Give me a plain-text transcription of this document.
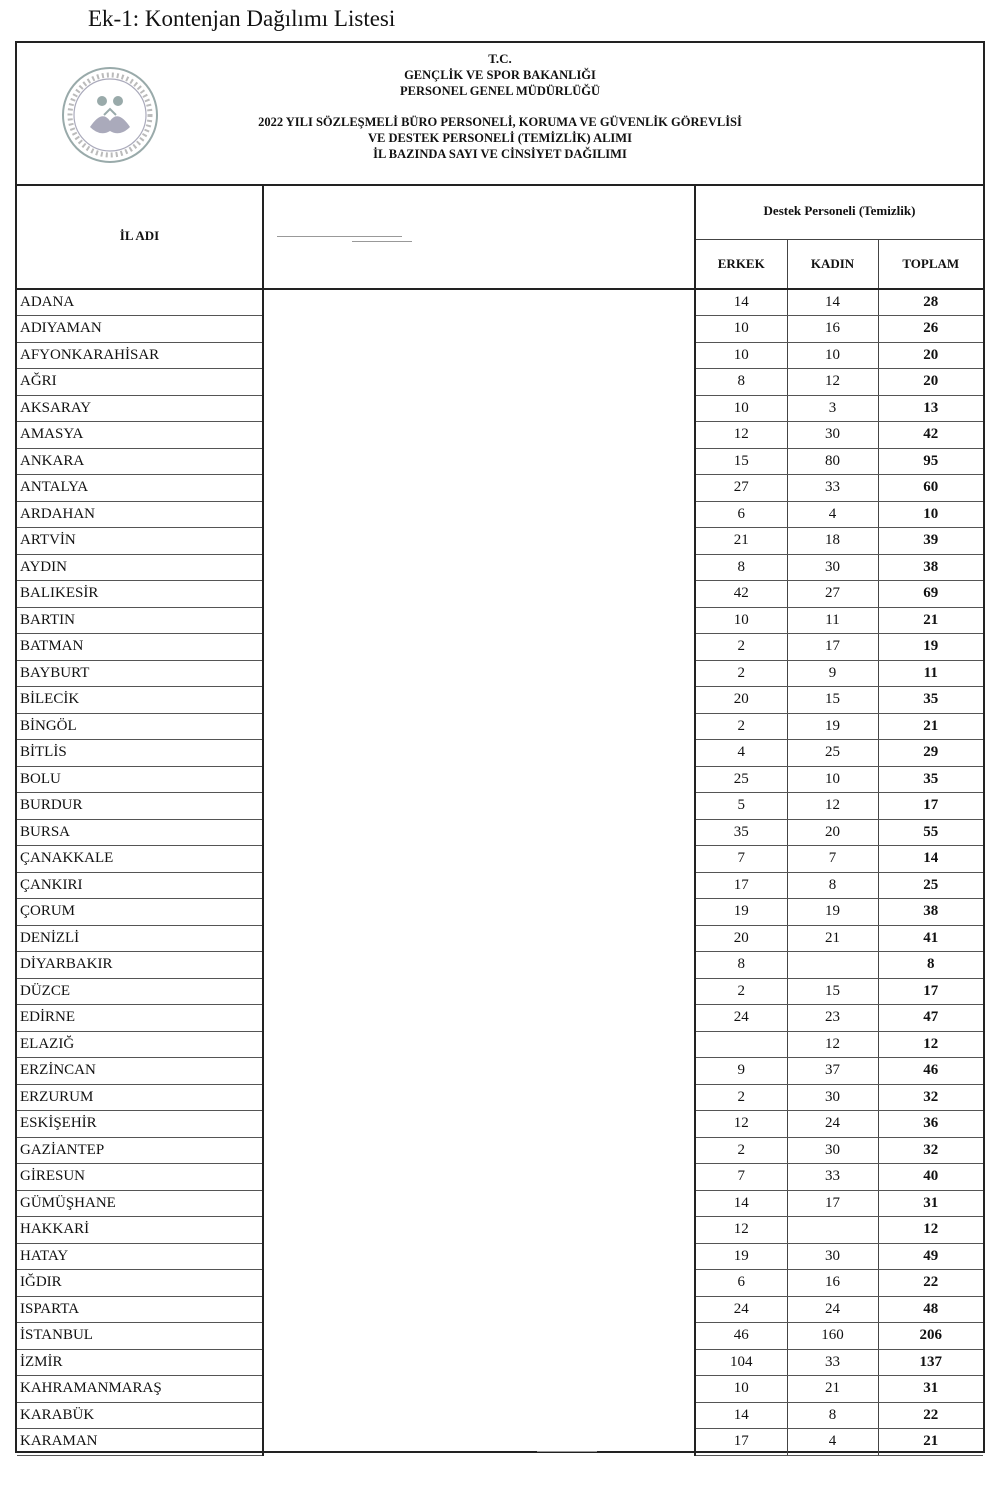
Ek-1: Kontenjan Dağılımı Listesi
T.C.
GENÇLİK VE SPOR BAKANLIĞI
PERSONEL GENEL MÜDÜRLÜĞÜ
2022 YILI SÖZLEŞMELİ BÜRO PERSONELİ, KORUMA VE GÜVENLİK GÖREVLİSİ
VE DESTEK PERSONELİ (TEMİZLİK) ALIMI
İL BAZINDA SAYI VE CİNSİYET DAĞILIMI
İL ADI		Destek Personeli (Temizlik)		
		ERKEK	KADIN	TOPLAM
ADANA		14	14	28
ADIYAMAN		10	16	26
AFYONKARAHİSAR		10	10	20
AĞRI		8	12	20
AKSARAY		10	3	13
AMASYA		12	30	42
ANKARA		15	80	95
ANTALYA		27	33	60
ARDAHAN		6	4	10
ARTVİN		21	18	39
AYDIN		8	30	38
BALIKESİR		42	27	69
BARTIN		10	11	21
BATMAN		2	17	19
BAYBURT		2	9	11
BİLECİK		20	15	35
BİNGÖL		2	19	21
BİTLİS		4	25	29
BOLU		25	10	35
BURDUR		5	12	17
BURSA		35	20	55
ÇANAKKALE		7	7	14
ÇANKIRI		17	8	25
ÇORUM		19	19	38
DENİZLİ		20	21	41
DİYARBAKIR		8		8
DÜZCE		2	15	17
EDİRNE		24	23	47
ELAZIĞ			12	12
ERZİNCAN		9	37	46
ERZURUM		2	30	32
ESKİŞEHİR		12	24	36
GAZİANTEP		2	30	32
GİRESUN		7	33	40
GÜMÜŞHANE		14	17	31
HAKKARİ		12		12
HATAY		19	30	49
IĞDIR		6	16	22
ISPARTA		24	24	48
İSTANBUL		46	160	206
İZMİR		104	33	137
KAHRAMANMARAŞ		10	21	31
KARABÜK		14	8	22
KARAMAN		17	4	21
